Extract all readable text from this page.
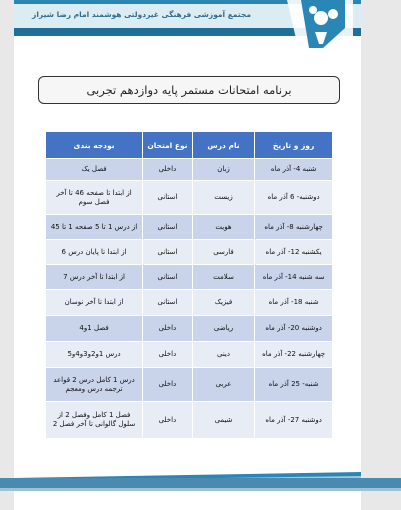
مجتمع آموزشی فرهنگی غیردولتی هوشمند امام رضا شیراز
برنامه امتحانات مستمر پایه دوازدهم تجربی
روز و تاریخ	نام درس	نوع امتحان	بودجه بندی
شنبه 4- آذر ماه	زبان	داخلی	فصل یک
دوشنبه- 6 آذر ماه	زیست	استانی	از ابتدا تا صفحه 46 تا آخر فصل سوم
چهارشنبه 8- آذر ماه	هویت	استانی	از درس 1 تا 5 صفحه 1 تا 45
یکشنبه 12- آذر ماه	فارسی	استانی	از ابتدا تا پایان درس 6
سه شنبه 14- آذر ماه	سلامت	استانی	از ابتدا تا آخر درس 7
شنبه 18- آذر ماه	فیزیک	استانی	از ابتدا تا آخر نوسان
دوشنبه 20- آذر ماه	ریاضی	داخلی	فصل 1و4
چهارشنبه 22- آذر ماه	دینی	داخلی	درس 1و2و3و4و5
شنبه- 25 آذر ماه	عربی	داخلی	درس 1 کامل درس 2 قواعد ترجمه درس ومعجم
دوشنبه 27- آذر ماه	شیمی	داخلی	فصل 1 کامل وفصل 2 از سلول گالوانی تا آخر فصل 2
